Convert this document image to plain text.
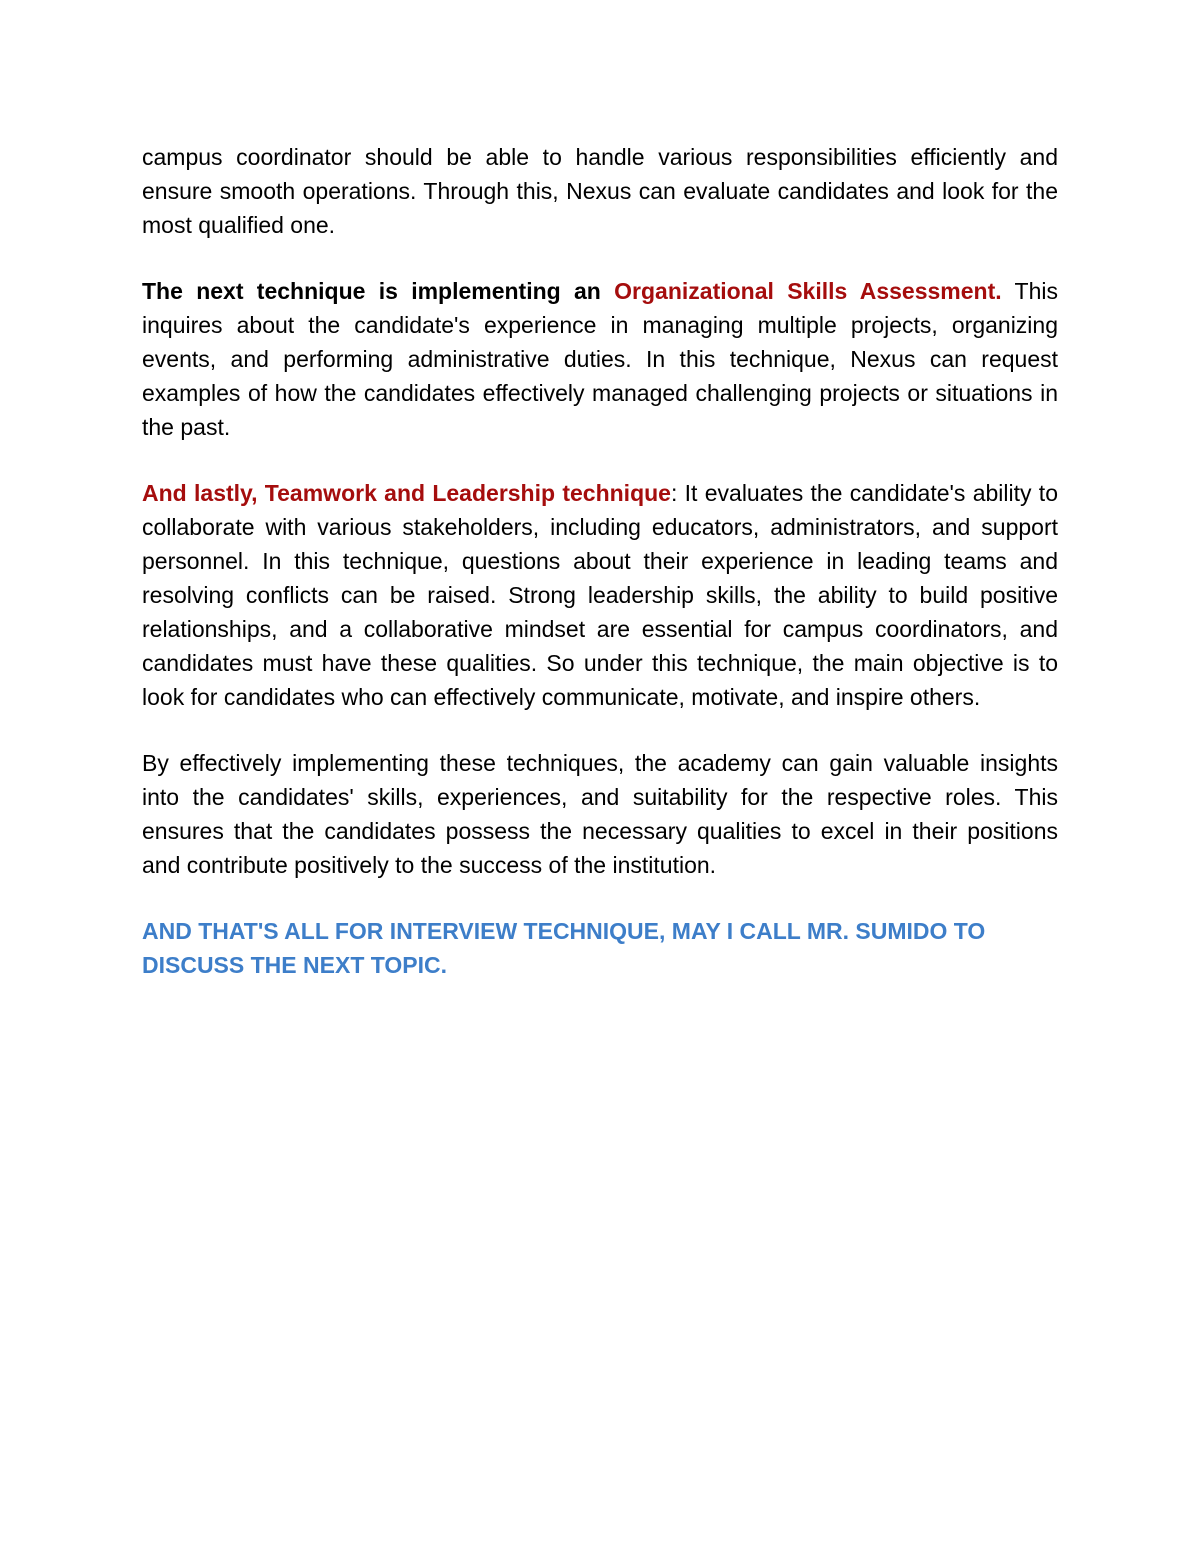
campus coordinator should be able to handle various responsibilities efficiently and ensure smooth operations. Through this, Nexus can evaluate candidates and look for the most qualified one.

The next technique is implementing an Organizational Skills Assessment. This inquires about the candidate's experience in managing multiple projects, organizing events, and performing administrative duties. In this technique, Nexus can request examples of how the candidates effectively managed challenging projects or situations in the past.

And lastly, Teamwork and Leadership technique: It evaluates the candidate's ability to collaborate with various stakeholders, including educators, administrators, and support personnel. In this technique, questions about their experience in leading teams and resolving conflicts can be raised. Strong leadership skills, the ability to build positive relationships, and a collaborative mindset are essential for campus coordinators, and candidates must have these qualities. So under this technique, the main objective is to look for candidates who can effectively communicate, motivate, and inspire others.

By effectively implementing these techniques, the academy can gain valuable insights into the candidates' skills, experiences, and suitability for the respective roles. This ensures that the candidates possess the necessary qualities to excel in their positions and contribute positively to the success of the institution.

AND THAT'S ALL FOR INTERVIEW TECHNIQUE, MAY I CALL MR. SUMIDO TO DISCUSS THE NEXT TOPIC.
